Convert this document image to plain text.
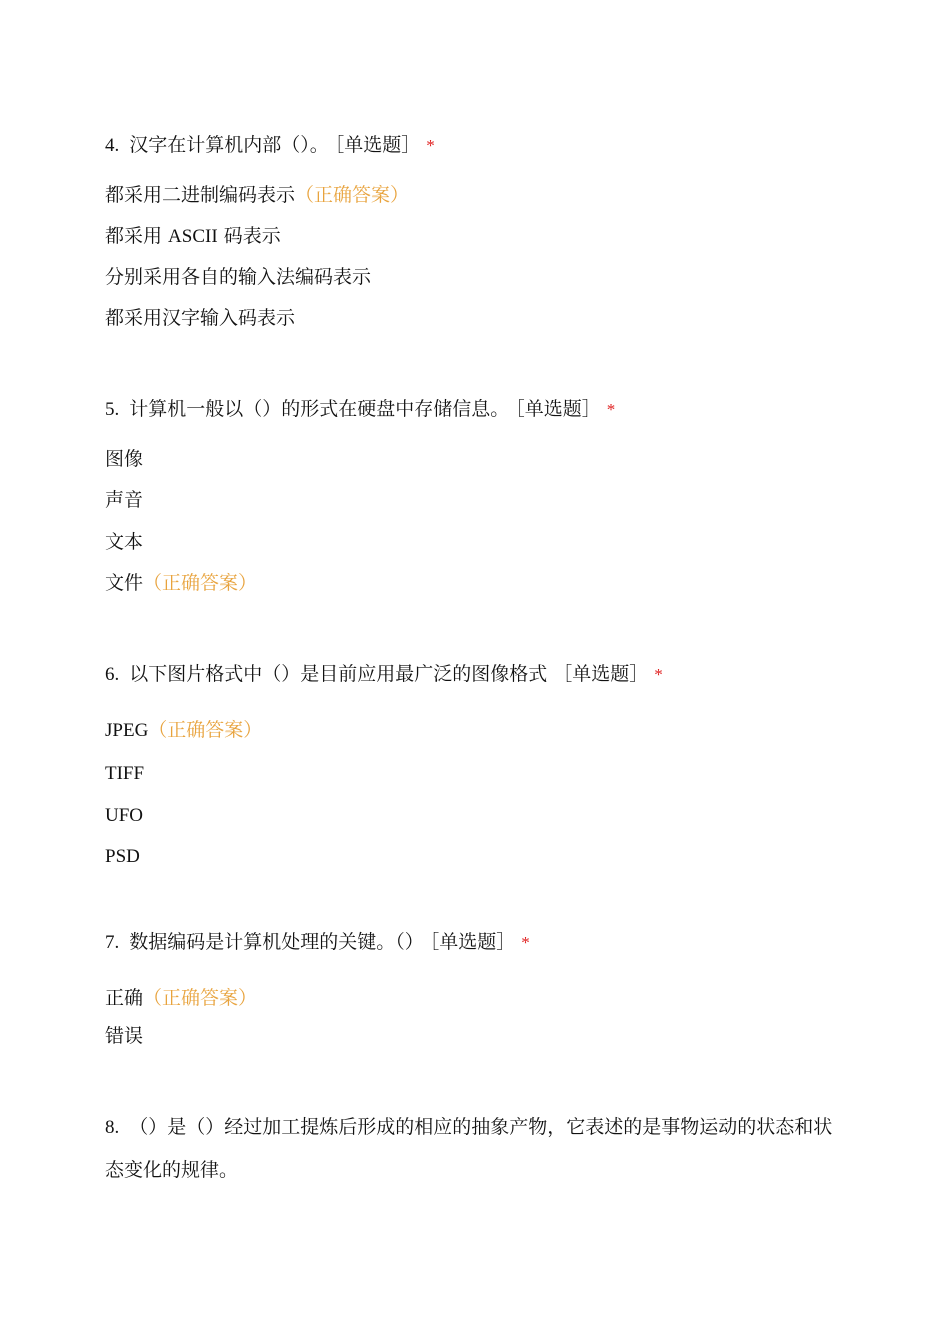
4. 汉字在计算机内部（）。 ［单选题］ *
都采用二进制编码表示（正确答案）
都采用 ASCII 码表示
分别采用各自的输入法编码表示
都采用汉字输入码表示
5. 计算机一般以（）的形式在硬盘中存储信息。 ［单选题］ *
图像
声音
文本
文件（正确答案）
6. 以下图片格式中（）是目前应用最广泛的图像格式 ［单选题］ *
JPEG（正确答案）
TIFF
UFO
PSD
7. 数据编码是计算机处理的关键。（） ［单选题］ *
正确（正确答案）
错误
8. （）是（）经过加工提炼后形成的相应的抽象产物，它表述的是事物运动的状态和状态变化的规律。
